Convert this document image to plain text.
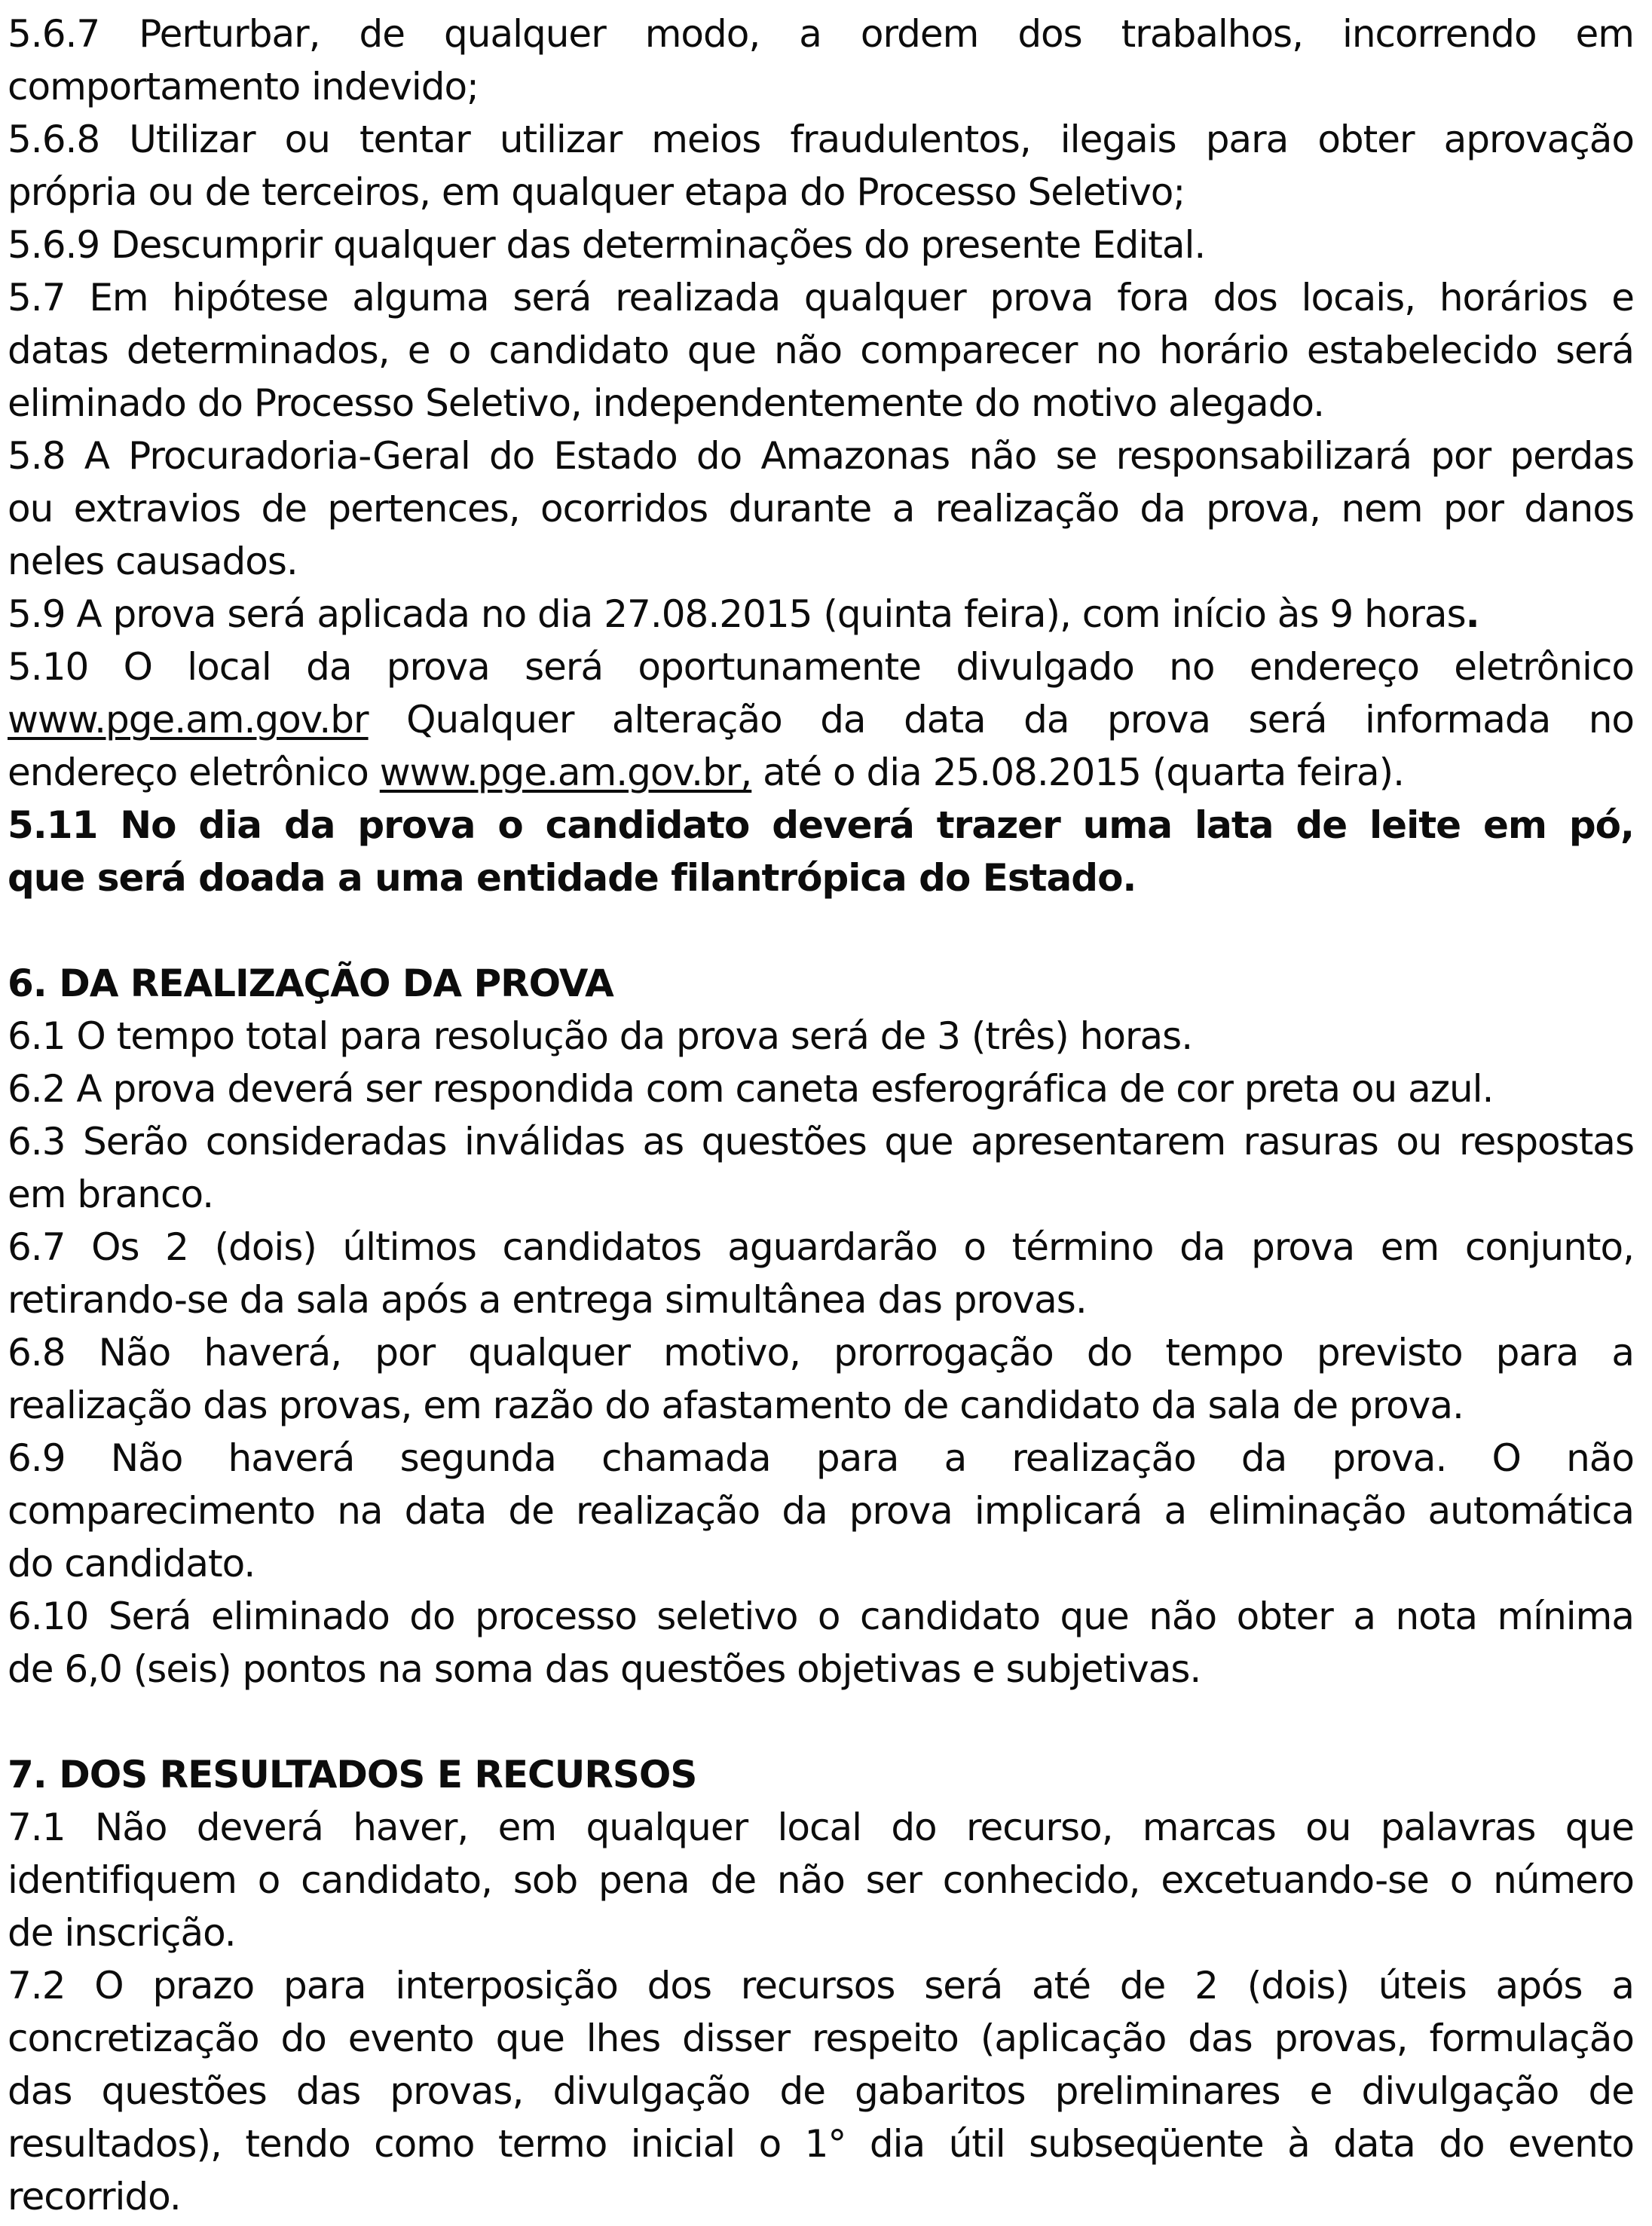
5.6.7 Perturbar, de qualquer modo, a ordem dos trabalhos, incorrendo em
comportamento indevido;
5.6.8 Utilizar ou tentar utilizar meios fraudulentos, ilegais para obter aprovação
própria ou de terceiros, em qualquer etapa do Processo Seletivo;
5.6.9 Descumprir qualquer das determinações do presente Edital.
5.7 Em hipótese alguma será realizada qualquer prova fora dos locais, horários e
datas determinados, e o candidato que não comparecer no horário estabelecido será
eliminado do Processo Seletivo, independentemente do motivo alegado.
5.8 A Procuradoria-Geral do Estado do Amazonas não se responsabilizará por perdas
ou extravios de pertences, ocorridos durante a realização da prova, nem por danos
neles causados.
5.9 A prova será aplicada no dia 27.08.2015 (quinta feira), com início às 9 horas.
5.10 O local da prova será oportunamente divulgado no endereço eletrônico
www.pge.am.gov.br Qualquer alteração da data da prova será informada no
endereço eletrônico www.pge.am.gov.br, até o dia 25.08.2015 (quarta feira).
5.11 No dia da prova o candidato deverá trazer uma lata de leite em pó,
que será doada a uma entidade filantrópica do Estado.
6. DA REALIZAÇÃO DA PROVA
6.1 O tempo total para resolução da prova será de 3 (três) horas.
6.2 A prova deverá ser respondida com caneta esferográfica de cor preta ou azul.
6.3 Serão consideradas inválidas as questões que apresentarem rasuras ou respostas
em branco.
6.7 Os 2 (dois) últimos candidatos aguardarão o término da prova em conjunto,
retirando-se da sala após a entrega simultânea das provas.
6.8 Não haverá, por qualquer motivo, prorrogação do tempo previsto para a
realização das provas, em razão do afastamento de candidato da sala de prova.
6.9 Não haverá segunda chamada para a realização da prova. O não
comparecimento na data de realização da prova implicará a eliminação automática
do candidato.
6.10 Será eliminado do processo seletivo o candidato que não obter a nota mínima
de 6,0 (seis) pontos na soma das questões objetivas e subjetivas.
7. DOS RESULTADOS E RECURSOS
7.1 Não deverá haver, em qualquer local do recurso, marcas ou palavras que
identifiquem o candidato, sob pena de não ser conhecido, excetuando-se o número
de inscrição.
7.2 O prazo para interposição dos recursos será até de 2 (dois) úteis após a
concretização do evento que lhes disser respeito (aplicação das provas, formulação
das questões das provas, divulgação de gabaritos preliminares e divulgação de
resultados), tendo como termo inicial o 1° dia útil subseqüente à data do evento
recorrido.
